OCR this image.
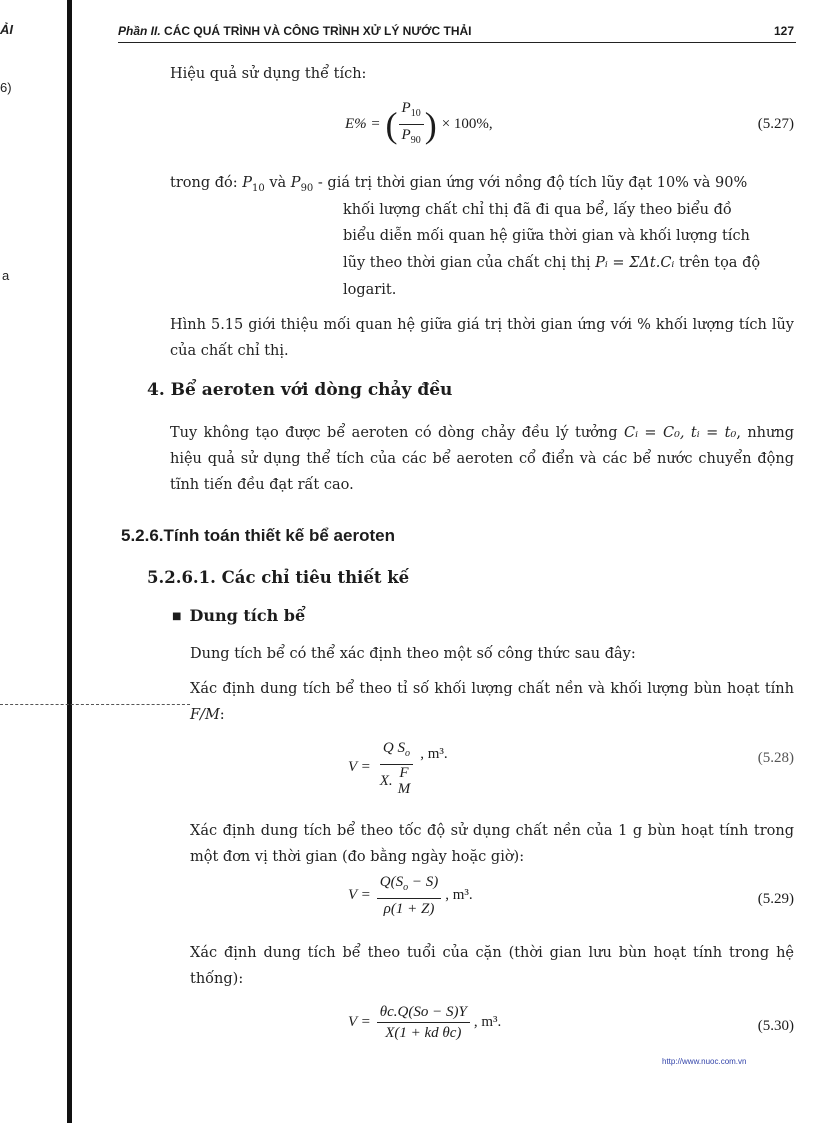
ẢI
6)
a
Phần II. CÁC QUÁ TRÌNH VÀ CÔNG TRÌNH XỬ LÝ NƯỚC THẢI	127
Hiệu quả sử dụng thể tích:
E% = ( $\frac{P_{10}}{P_{90}}$ ) × 100%,	(5.27)
trong đó: $P_{10}$ và $P_{90}$ - giá trị thời gian ứng với nồng độ tích lũy đạt 10% và 90%
khối lượng chất chỉ thị đã đi qua bể, lấy theo biểu đồ
biểu diễn mối quan hệ giữa thời gian và khối lượng tích
lũy theo thời gian của chất chị thị Pᵢ = ΣΔt.Cᵢ trên tọa độ
logarit.
Hình 5.15 giới thiệu mối quan hệ giữa giá trị thời gian ứng với % khối lượng tích lũy của chất chỉ thị.
4. Bể aeroten với dòng chảy đều
Tuy không tạo được bể aeroten có dòng chảy đều lý tưởng Cᵢ = C₀, tᵢ = t₀, nhưng hiệu quả sử dụng thể tích của các bể aeroten cổ điển và các bể nước chuyển động tĩnh tiến đều đạt rất cao.
5.2.6.Tính toán thiết kế bể aeroten
5.2.6.1. Các chỉ tiêu thiết kế
■ Dung tích bể
Dung tích bể có thể xác định theo một số công thức sau đây:
Xác định dung tích bể theo tỉ số khối lượng chất nền và khối lượng bùn hoạt tính F/M:
V = Q $S_o$
X. F
M , m³.	(5.28)
Xác định dung tích bể theo tốc độ sử dụng chất nền của 1 g bùn hoạt tính trong một đơn vị thời gian (đo bằng ngày hoặc giờ):
$V = \frac{Q(S_o - S)}{\rho(1 + Z)}$ , m³.	(5.29)
Xác định dung tích bể theo tuổi của cặn (thời gian lưu bùn hoạt tính trong hệ thống):
$V = \frac{\theta c.Q(So - S)Y}{\text{X(1 + kd θc)}}$ , m³.	(5.30)
http://www.nuoc.com.vn
